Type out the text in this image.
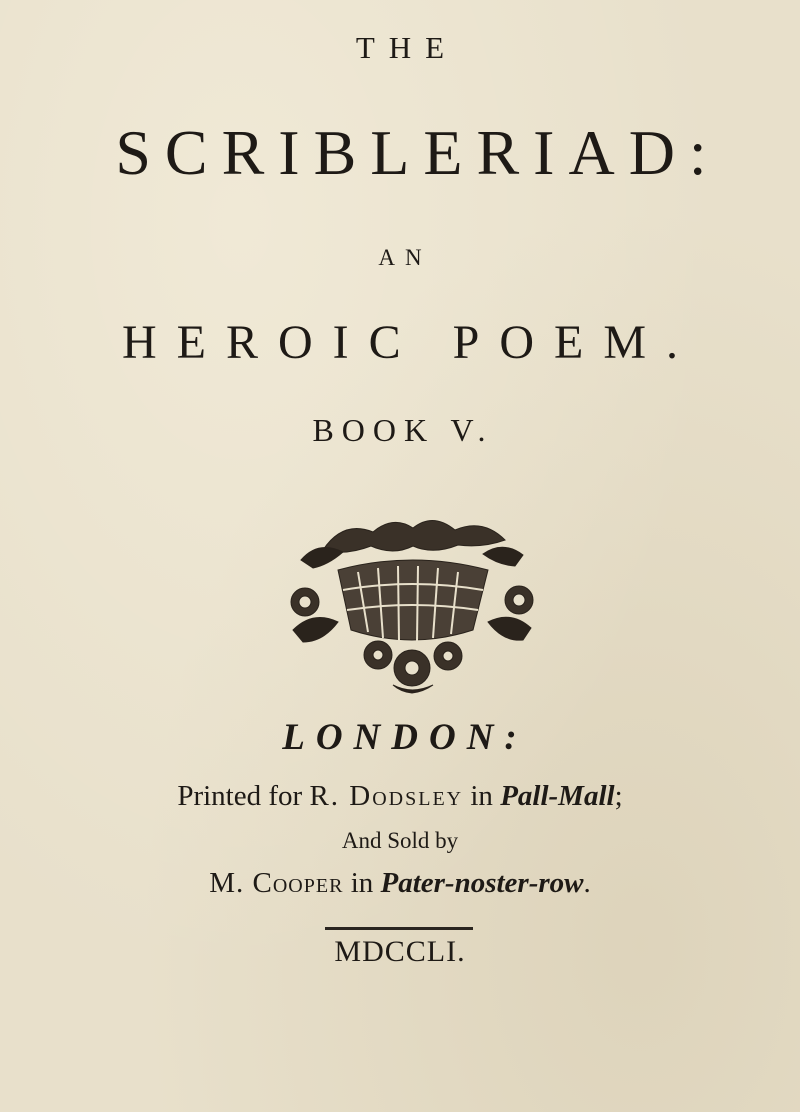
THE
SCRIBLERIAD:
AN
HEROIC POEM.
BOOK V.
LONDON:
Printed for R. Dodsley in Pall-Mall;
And Sold by
M. Cooper in Pater-noster-row.
MDCCLI.
